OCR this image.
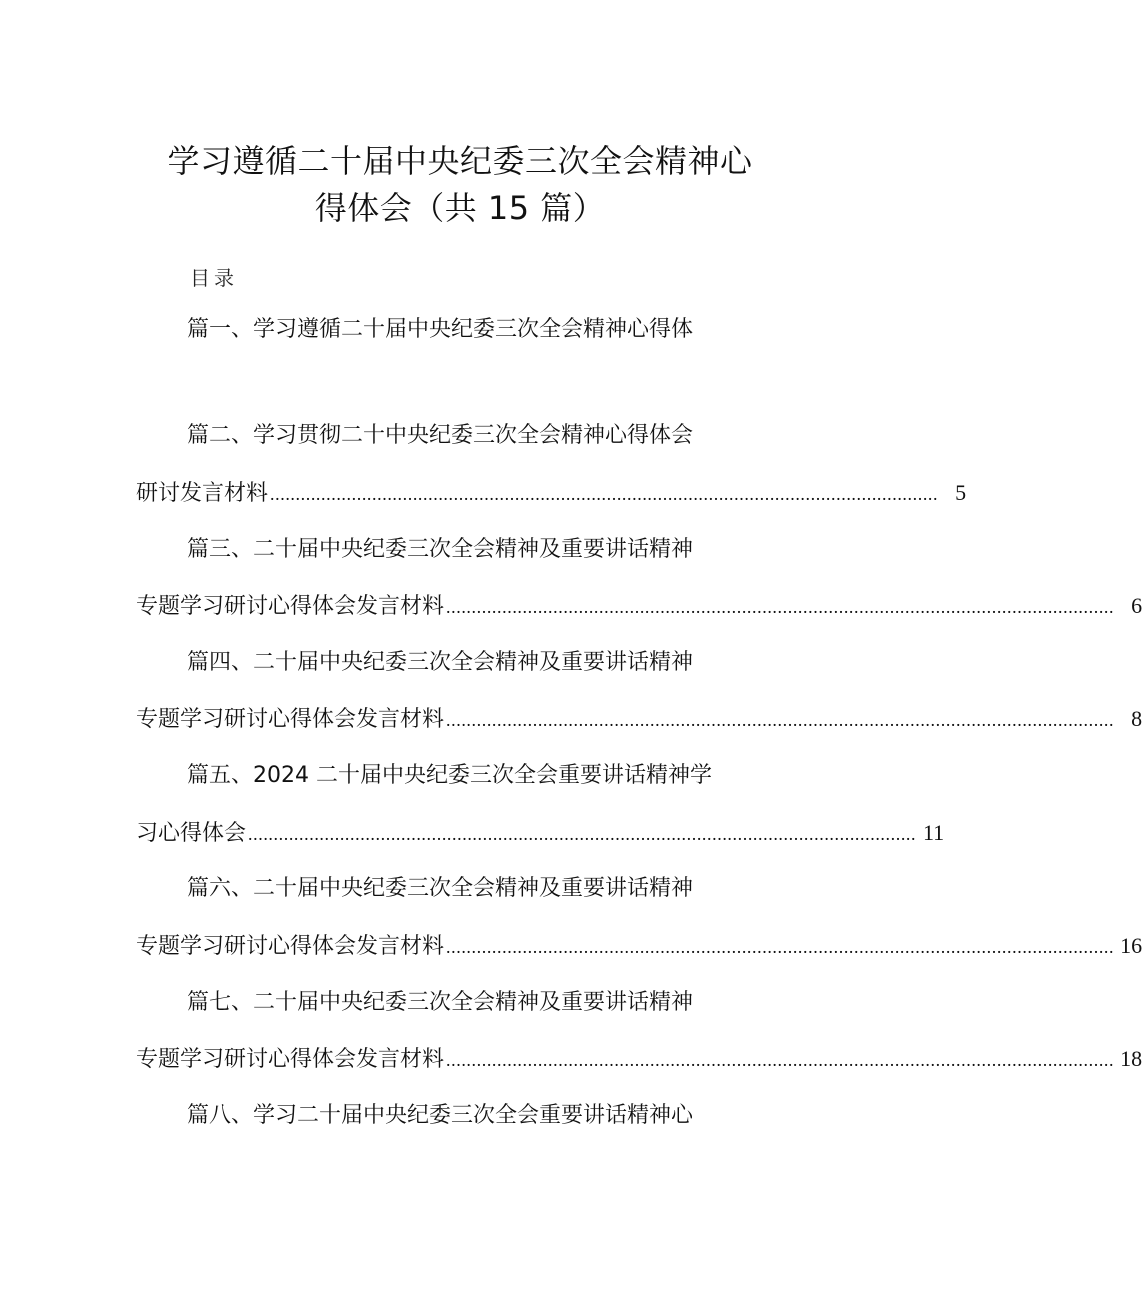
学习遵循二十届中央纪委三次全会精神心
得体会（共 15 篇）
目录
篇一、学习遵循二十届中央纪委三次全会精神心得体
篇二、学习贯彻二十中央纪委三次全会精神心得体会
研讨发言材料 ................................................................................................................................... 5
篇三、二十届中央纪委三次全会精神及重要讲话精神
专题学习研讨心得体会发言材料 ................................................................................................................................... 6
篇四、二十届中央纪委三次全会精神及重要讲话精神
专题学习研讨心得体会发言材料 ................................................................................................................................... 8
篇五、2024 二十届中央纪委三次全会重要讲话精神学
习心得体会 ................................................................................................................................... 11
篇六、二十届中央纪委三次全会精神及重要讲话精神
专题学习研讨心得体会发言材料 ................................................................................................................................... 16
篇七、二十届中央纪委三次全会精神及重要讲话精神
专题学习研讨心得体会发言材料 ................................................................................................................................... 18
篇八、学习二十届中央纪委三次全会重要讲话精神心
